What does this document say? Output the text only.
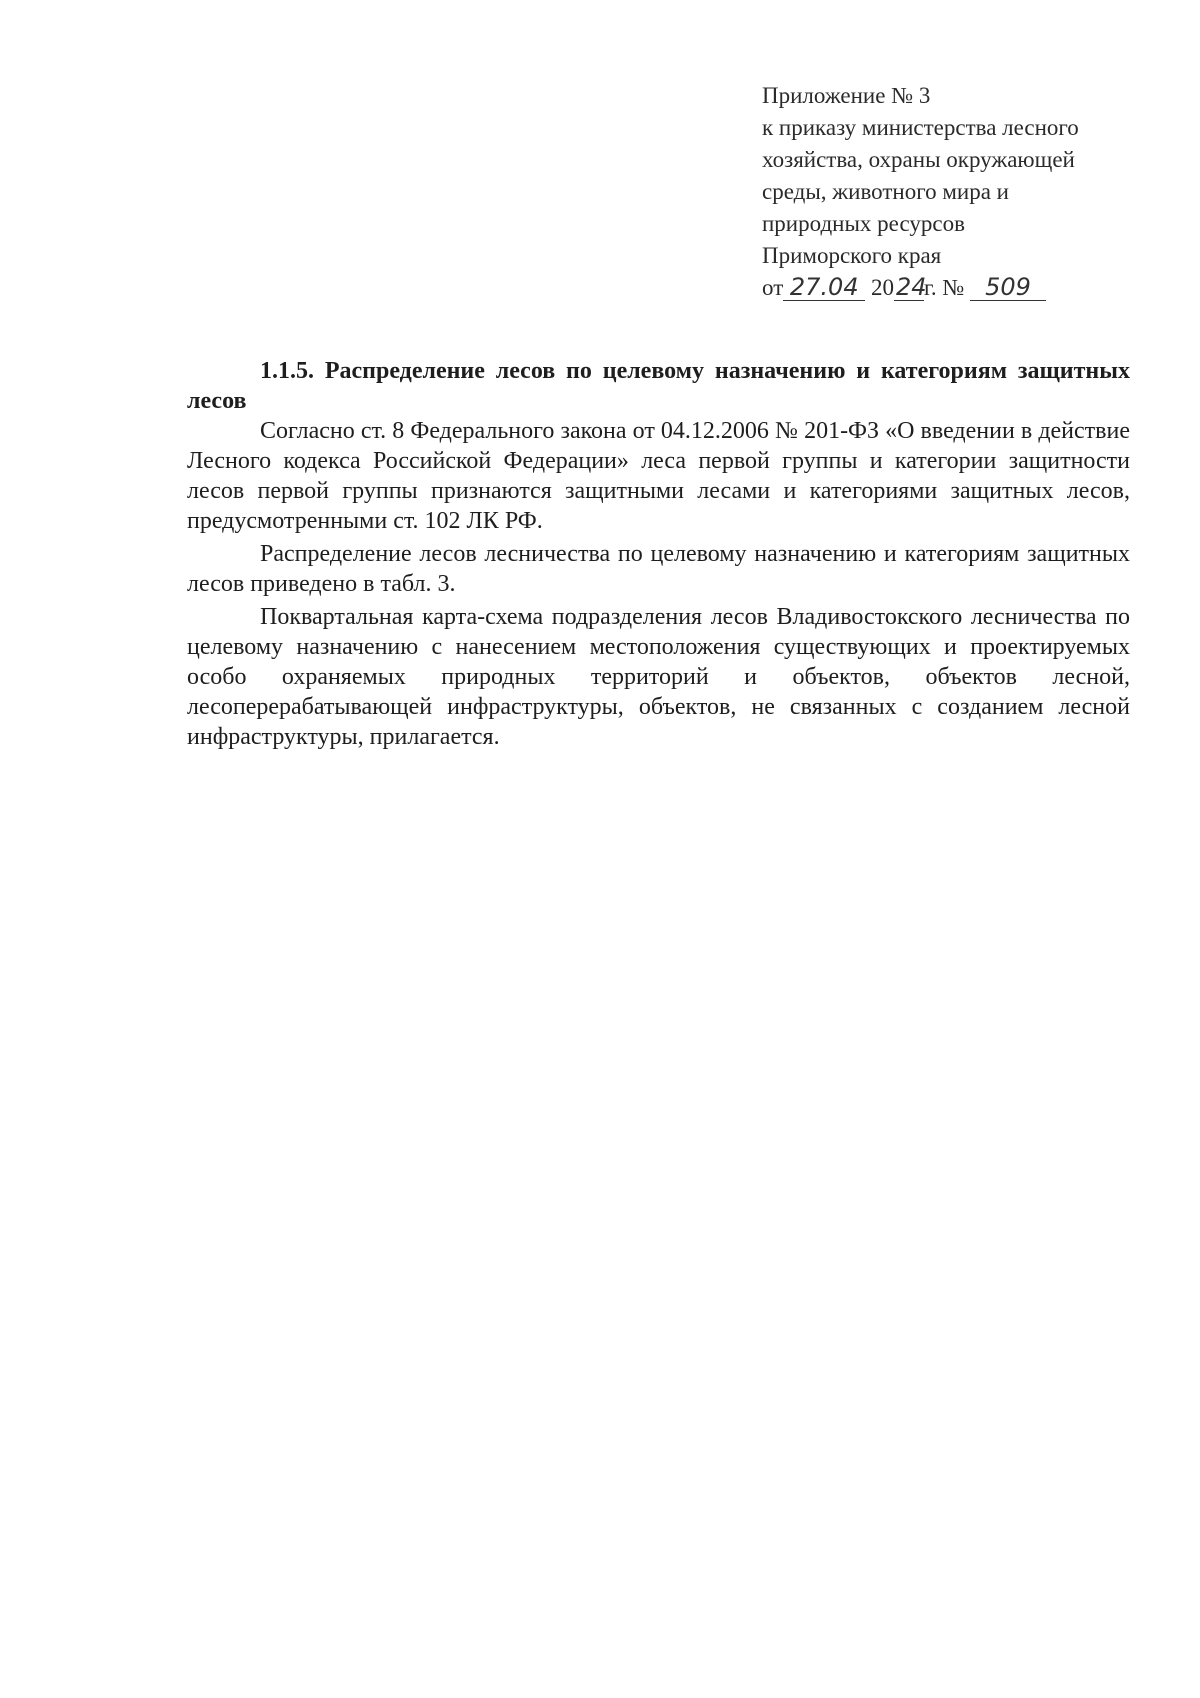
Приложение № 3
к приказу министерства лесного
хозяйства, охраны окружающей
среды, животного мира и
природных ресурсов
Приморского края
от 27.04 2024г. № 509

1.1.5. Распределение лесов по целевому назначению и категориям защитных лесов

Согласно ст. 8 Федерального закона от 04.12.2006 № 201-ФЗ «О введении в действие Лесного кодекса Российской Федерации» леса первой группы и категории защитности лесов первой группы признаются защитными лесами и категориями защитных лесов, предусмотренными ст. 102 ЛК РФ.

Распределение лесов лесничества по целевому назначению и категориям защитных лесов приведено в табл. 3.

Поквартальная карта-схема подразделения лесов Владивостокского лесничества по целевому назначению с нанесением местоположения существующих и проектируемых особо охраняемых природных территорий и объектов, объектов лесной, лесоперерабатывающей инфраструктуры, объектов, не связанных с созданием лесной инфраструктуры, прилагается.
